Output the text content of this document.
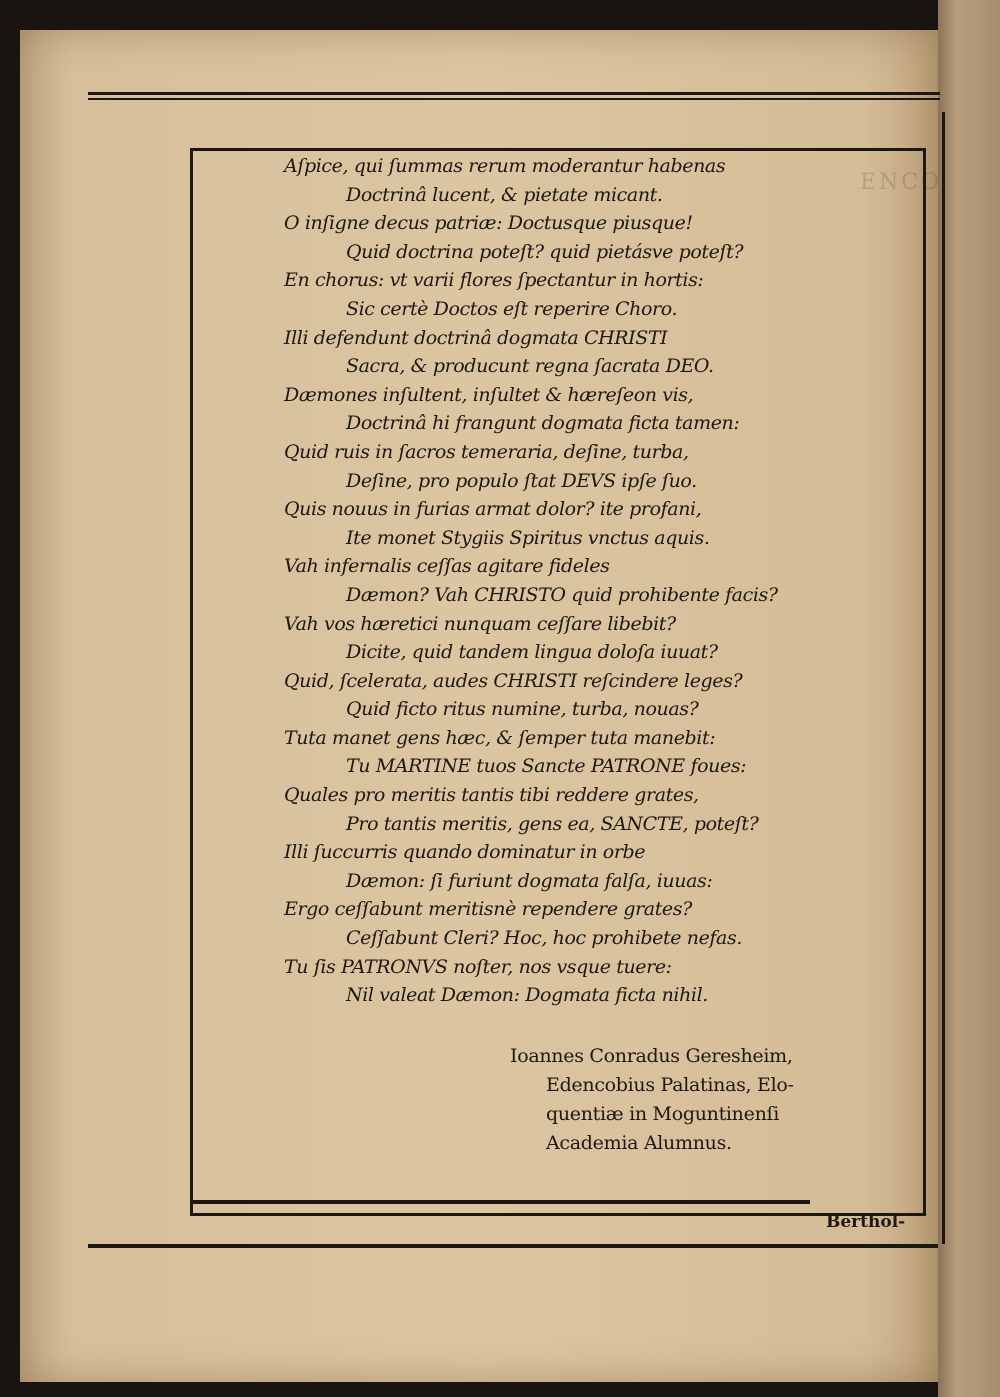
ENCO
Aſpice, qui ſummas rerum moderantur habenas
Doctrinâ lucent, & pietate micant.
O inſigne decus patriæ: Doctusque piusque!
Quid doctrina poteſt? quid pietásve poteſt?
En chorus: vt varii flores ſpectantur in hortis:
Sic certè Doctos eſt reperire Choro.
Illi defendunt doctrinâ dogmata CHRISTI
Sacra, & producunt regna ſacrata DEO.
Dæmones inſultent, inſultet & hæreſeon vis,
Doctrinâ hi frangunt dogmata ficta tamen:
Quid ruis in ſacros temeraria, deſine, turba,
Deſine, pro populo ſtat DEVS ipſe ſuo.
Quis nouus in furias armat dolor? ite profani,
Ite monet Stygiis Spiritus vnctus aquis.
Vah infernalis ceſſas agitare fideles
Dæmon? Vah CHRISTO quid prohibente facis?
Vah vos hæretici nunquam ceſſare libebit?
Dicite, quid tandem lingua doloſa iuuat?
Quid, ſcelerata, audes CHRISTI reſcindere leges?
Quid ficto ritus numine, turba, nouas?
Tuta manet gens hæc, & ſemper tuta manebit:
Tu MARTINE tuos Sancte PATRONE foues:
Quales pro meritis tantis tibi reddere grates,
Pro tantis meritis, gens ea, SANCTE, poteſt?
Illi ſuccurris quando dominatur in orbe
Dæmon: ſi furiunt dogmata falſa, iuuas:
Ergo ceſſabunt meritisnè rependere grates?
Ceſſabunt Cleri? Hoc, hoc prohibete nefas.
Tu ſis PATRONVS noſter, nos vsque tuere:
Nil valeat Dæmon: Dogmata ficta nihil.
Ioannes Conradus Geresheim,
Edencobius Palatinas, Elo-
quentiæ in Moguntinenſi
Academia Alumnus.
Berthol-
